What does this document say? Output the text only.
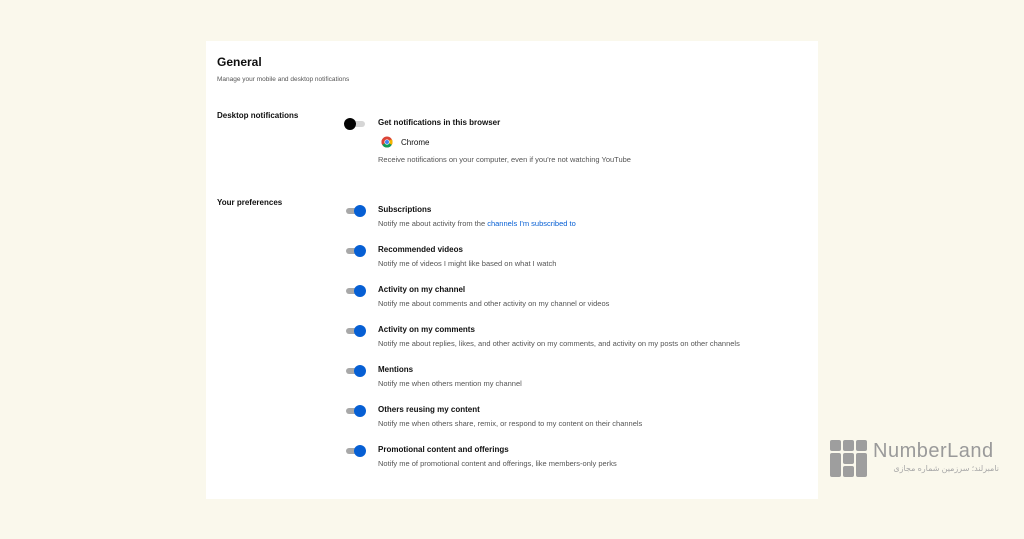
General
Manage your mobile and desktop notifications
Desktop notifications
Get notifications in this browser
Chrome
Receive notifications on your computer, even if you're not watching YouTube
Your preferences
Subscriptions
Notify me about activity from the channels I'm subscribed to
Recommended videos
Notify me of videos I might like based on what I watch
Activity on my channel
Notify me about comments and other activity on my channel or videos
Activity on my comments
Notify me about replies, likes, and other activity on my comments, and activity on my posts on other channels
Mentions
Notify me when others mention my channel
Others reusing my content
Notify me when others share, remix, or respond to my content on their channels
Promotional content and offerings
Notify me of promotional content and offerings, like members-only perks
NumberLand
نامبرلند؛ سرزمین شماره مجازی
